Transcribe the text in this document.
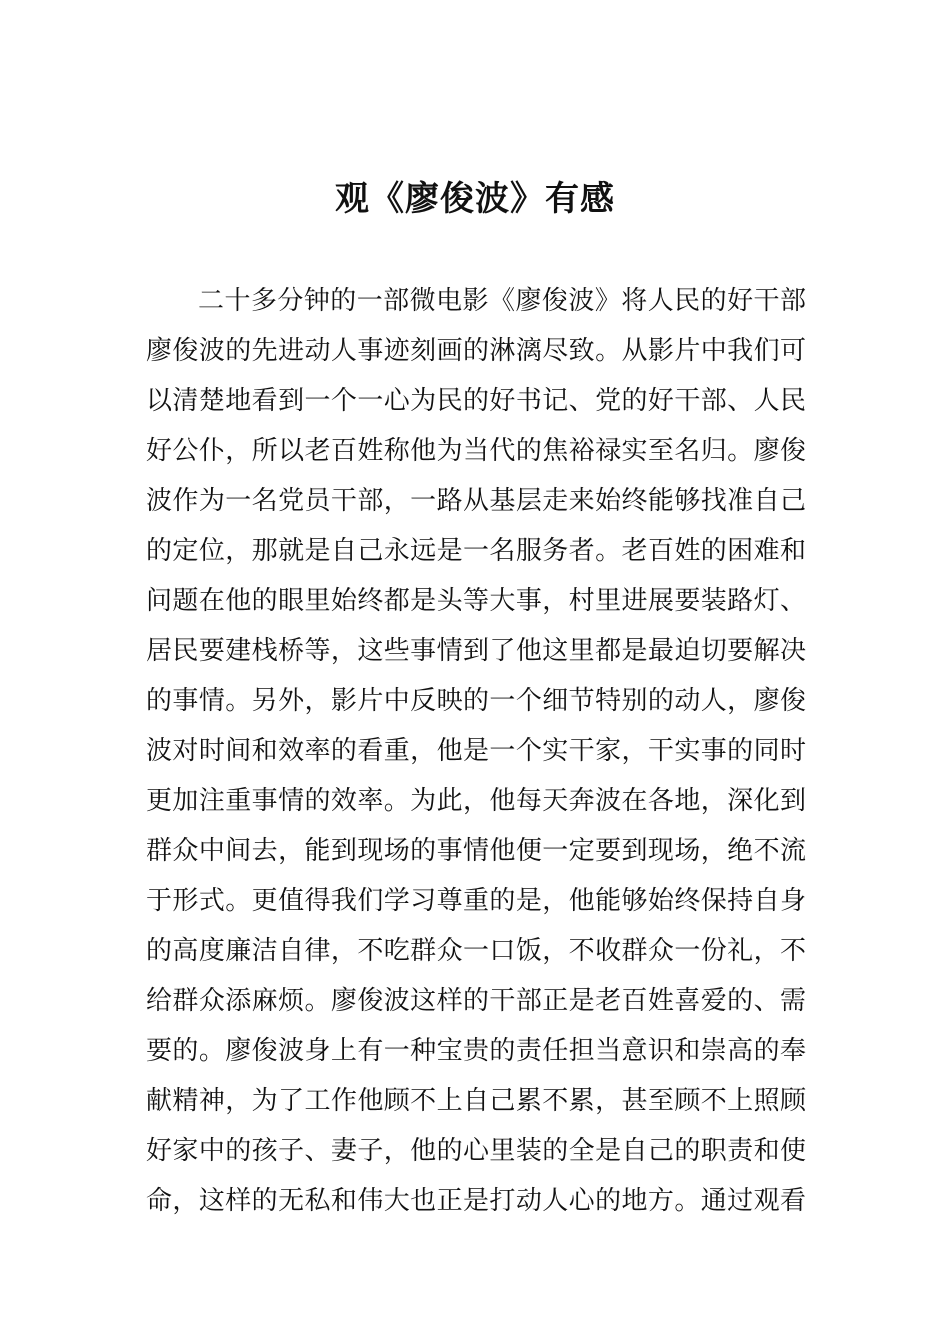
观《廖俊波》有感
二十多分钟的一部微电影《廖俊波》将人民的好干部
廖俊波的先进动人事迹刻画的淋漓尽致。从影片中我们可
以清楚地看到一个一心为民的好书记、党的好干部、人民
好公仆，所以老百姓称他为当代的焦裕禄实至名归。廖俊
波作为一名党员干部，一路从基层走来始终能够找准自己
的定位，那就是自己永远是一名服务者。老百姓的困难和
问题在他的眼里始终都是头等大事，村里进展要装路灯、
居民要建栈桥等，这些事情到了他这里都是最迫切要解决
的事情。另外，影片中反映的一个细节特别的动人，廖俊
波对时间和效率的看重，他是一个实干家，干实事的同时
更加注重事情的效率。为此，他每天奔波在各地，深化到
群众中间去，能到现场的事情他便一定要到现场，绝不流
于形式。更值得我们学习尊重的是，他能够始终保持自身
的高度廉洁自律，不吃群众一口饭，不收群众一份礼，不
给群众添麻烦。廖俊波这样的干部正是老百姓喜爱的、需
要的。廖俊波身上有一种宝贵的责任担当意识和崇高的奉
献精神，为了工作他顾不上自己累不累，甚至顾不上照顾
好家中的孩子、妻子，他的心里装的全是自己的职责和使
命，这样的无私和伟大也正是打动人心的地方。通过观看
